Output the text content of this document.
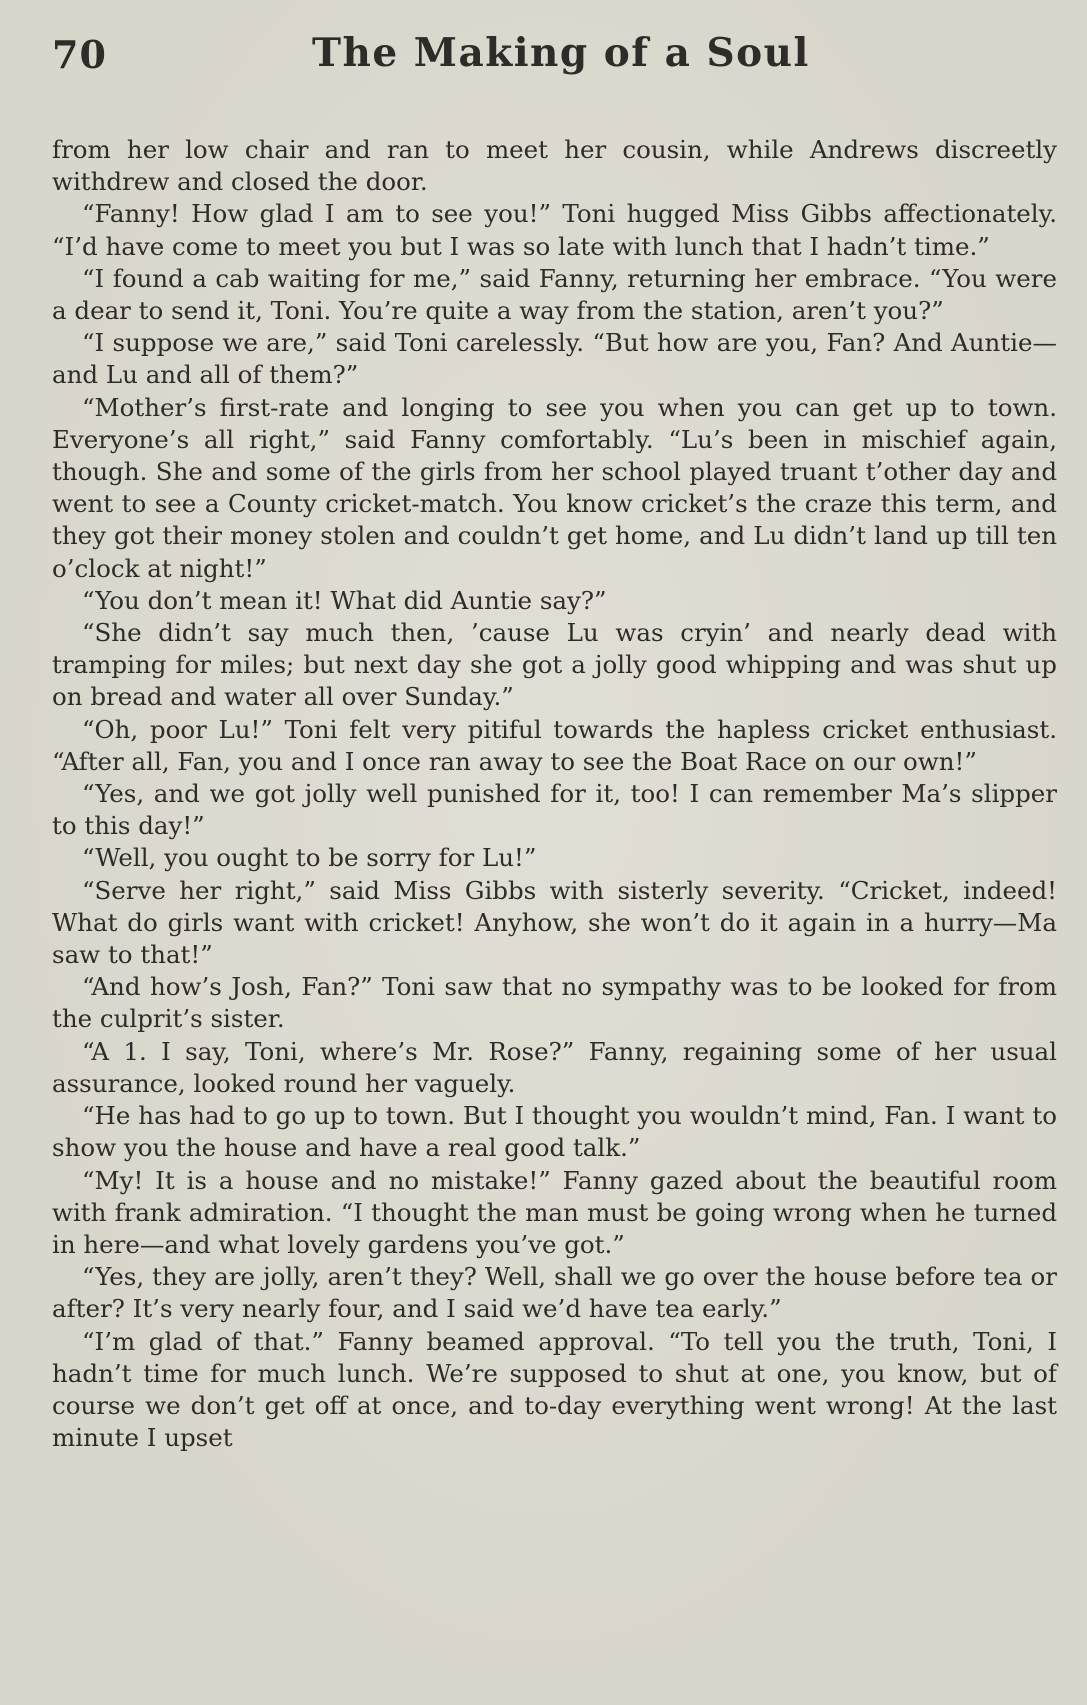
70	The Making of a Soul

from her low chair and ran to meet her cousin, while Andrews discreetly withdrew and closed the door.

“Fanny! How glad I am to see you!” Toni hugged Miss Gibbs affectionately. “I’d have come to meet you but I was so late with lunch that I hadn’t time.”

“I found a cab waiting for me,” said Fanny, returning her embrace. “You were a dear to send it, Toni. You’re quite a way from the station, aren’t you?”

“I suppose we are,” said Toni carelessly. “But how are you, Fan? And Auntie—and Lu and all of them?”

“Mother’s first-rate and longing to see you when you can get up to town. Everyone’s all right,” said Fanny comfortably. “Lu’s been in mischief again, though. She and some of the girls from her school played truant t’other day and went to see a County cricket-match. You know cricket’s the craze this term, and they got their money stolen and couldn’t get home, and Lu didn’t land up till ten o’clock at night!”

“You don’t mean it! What did Auntie say?”

“She didn’t say much then, ’cause Lu was cryin’ and nearly dead with tramping for miles; but next day she got a jolly good whipping and was shut up on bread and water all over Sunday.”

“Oh, poor Lu!” Toni felt very pitiful towards the hapless cricket enthusiast. “After all, Fan, you and I once ran away to see the Boat Race on our own!”

“Yes, and we got jolly well punished for it, too! I can remember Ma’s slipper to this day!”

“Well, you ought to be sorry for Lu!”

“Serve her right,” said Miss Gibbs with sisterly severity. “Cricket, indeed! What do girls want with cricket! Anyhow, she won’t do it again in a hurry—Ma saw to that!”

“And how’s Josh, Fan?” Toni saw that no sympathy was to be looked for from the culprit’s sister.

“A 1. I say, Toni, where’s Mr. Rose?” Fanny, regaining some of her usual assurance, looked round her vaguely.

“He has had to go up to town. But I thought you wouldn’t mind, Fan. I want to show you the house and have a real good talk.”

“My! It is a house and no mistake!” Fanny gazed about the beautiful room with frank admiration. “I thought the man must be going wrong when he turned in here—and what lovely gardens you’ve got.”

“Yes, they are jolly, aren’t they? Well, shall we go over the house before tea or after? It’s very nearly four, and I said we’d have tea early.”

“I’m glad of that.” Fanny beamed approval. “To tell you the truth, Toni, I hadn’t time for much lunch. We’re supposed to shut at one, you know, but of course we don’t get off at once, and to-day everything went wrong! At the last minute I upset
